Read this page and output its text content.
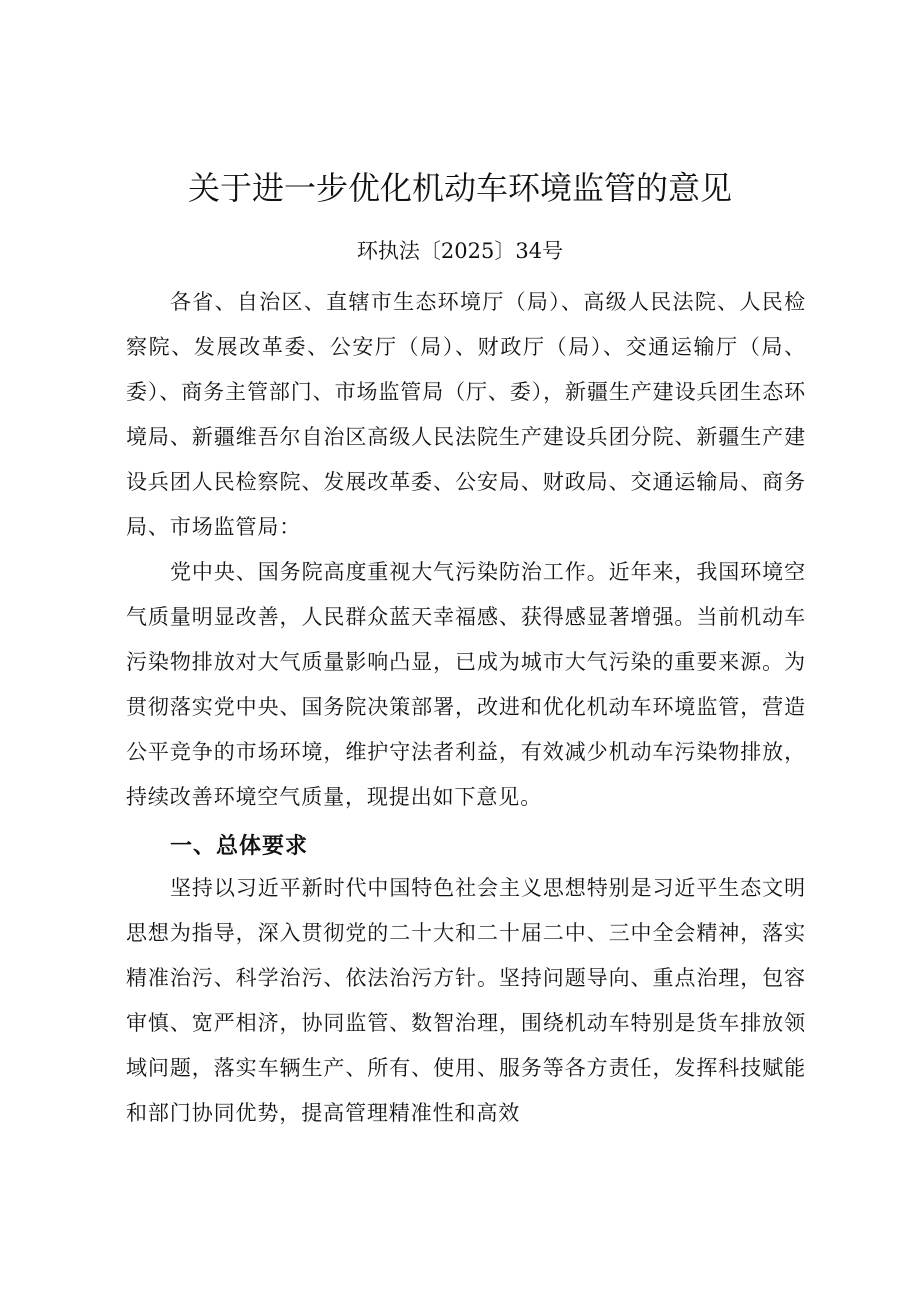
关于进一步优化机动车环境监管的意见
环执法〔2025〕34号

各省、自治区、直辖市生态环境厅（局）、高级人民法院、人民检察院、发展改革委、公安厅（局）、财政厅（局）、交通运输厅（局、委）、商务主管部门、市场监管局（厅、委），新疆生产建设兵团生态环境局、新疆维吾尔自治区高级人民法院生产建设兵团分院、新疆生产建设兵团人民检察院、发展改革委、公安局、财政局、交通运输局、商务局、市场监管局：

党中央、国务院高度重视大气污染防治工作。近年来，我国环境空气质量明显改善，人民群众蓝天幸福感、获得感显著增强。当前机动车污染物排放对大气质量影响凸显，已成为城市大气污染的重要来源。为贯彻落实党中央、国务院决策部署，改进和优化机动车环境监管，营造公平竞争的市场环境，维护守法者利益，有效减少机动车污染物排放，持续改善环境空气质量，现提出如下意见。

一、总体要求

坚持以习近平新时代中国特色社会主义思想特别是习近平生态文明思想为指导，深入贯彻党的二十大和二十届二中、三中全会精神，落实精准治污、科学治污、依法治污方针。坚持问题导向、重点治理，包容审慎、宽严相济，协同监管、数智治理，围绕机动车特别是货车排放领域问题，落实车辆生产、所有、使用、服务等各方责任，发挥科技赋能和部门协同优势，提高管理精准性和高效
